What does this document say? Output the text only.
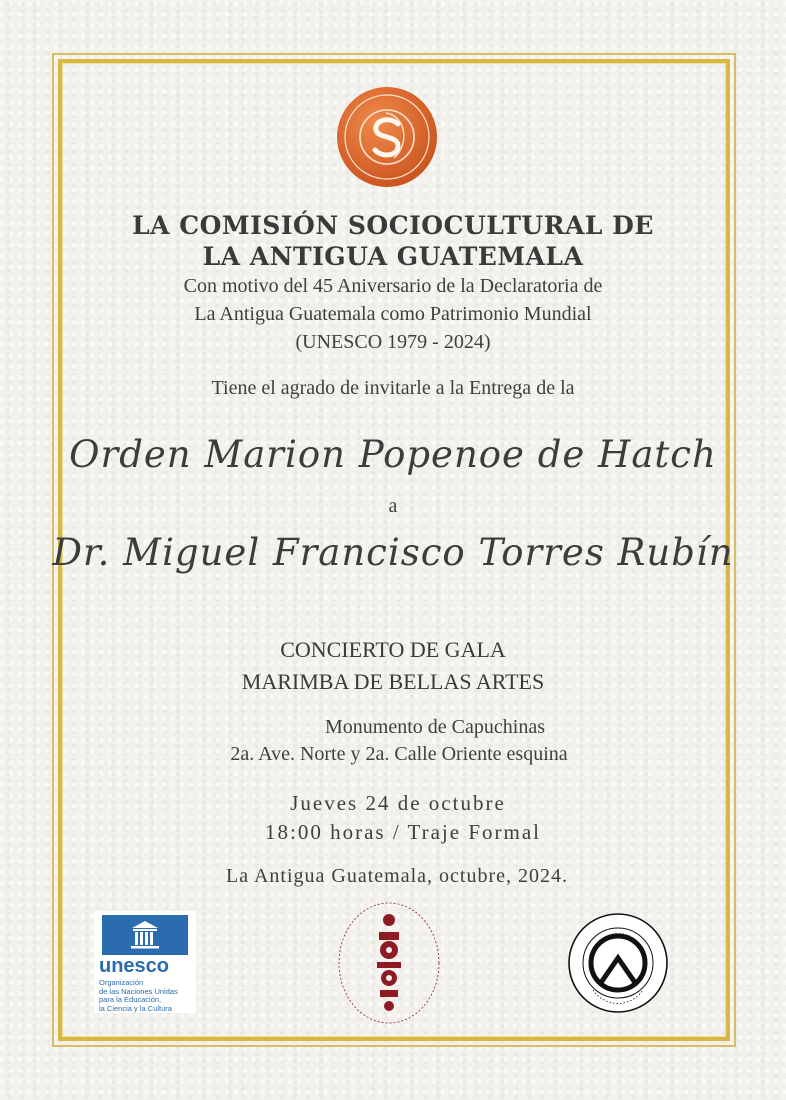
LA COMISIÓN SOCIOCULTURAL DE
LA ANTIGUA GUATEMALA
Con motivo del 45 Aniversario de la Declaratoria de
La Antigua Guatemala como Patrimonio Mundial
(UNESCO 1979 - 2024)
Tiene el agrado de invitarle a la Entrega de la
Orden Marion Popenoe de Hatch
a
Dr. Miguel Francisco Torres Rubín
CONCIERTO DE GALA
MARIMBA DE BELLAS ARTES
Monumento de Capuchinas
2a. Ave. Norte y 2a. Calle Oriente esquina
Jueves 24 de octubre
18:00 horas / Traje Formal
La Antigua Guatemala, octubre, 2024.
unesco
Organización
de las Naciones Unidas
para la Educación,
la Ciencia y la Cultura
